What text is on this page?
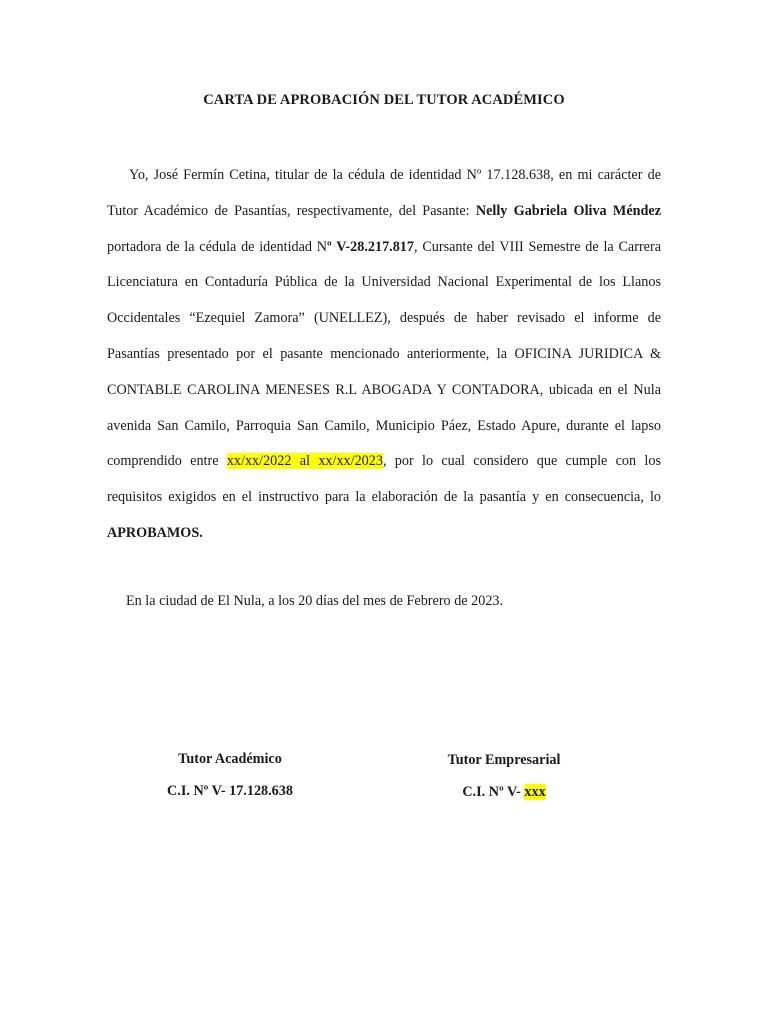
CARTA DE APROBACIÓN DEL TUTOR ACADÉMICO

Yo, José Fermín Cetina, titular de la cédula de identidad Nº 17.128.638, en mi carácter de Tutor Académico de Pasantías, respectivamente, del Pasante: Nelly Gabriela Oliva Méndez portadora de la cédula de identidad Nº V-28.217.817, Cursante del VIII Semestre de la Carrera Licenciatura en Contaduría Pública de la Universidad Nacional Experimental de los Llanos Occidentales “Ezequiel Zamora” (UNELLEZ), después de haber revisado el informe de Pasantías presentado por el pasante mencionado anteriormente, la OFICINA JURIDICA & CONTABLE CAROLINA MENESES R.L ABOGADA Y CONTADORA, ubicada en el Nula avenida San Camilo, Parroquia San Camilo, Municipio Páez, Estado Apure, durante el lapso comprendido entre xx/xx/2022 al xx/xx/2023, por lo cual considero que cumple con los requisitos exigidos en el instructivo para la elaboración de la pasantía y en consecuencia, lo APROBAMOS.

En la ciudad de El Nula, a los 20 días del mes de Febrero de 2023.
Tutor Académico
C.I. Nº V- 17.128.638
Tutor Empresarial
C.I. Nº V- xxx
